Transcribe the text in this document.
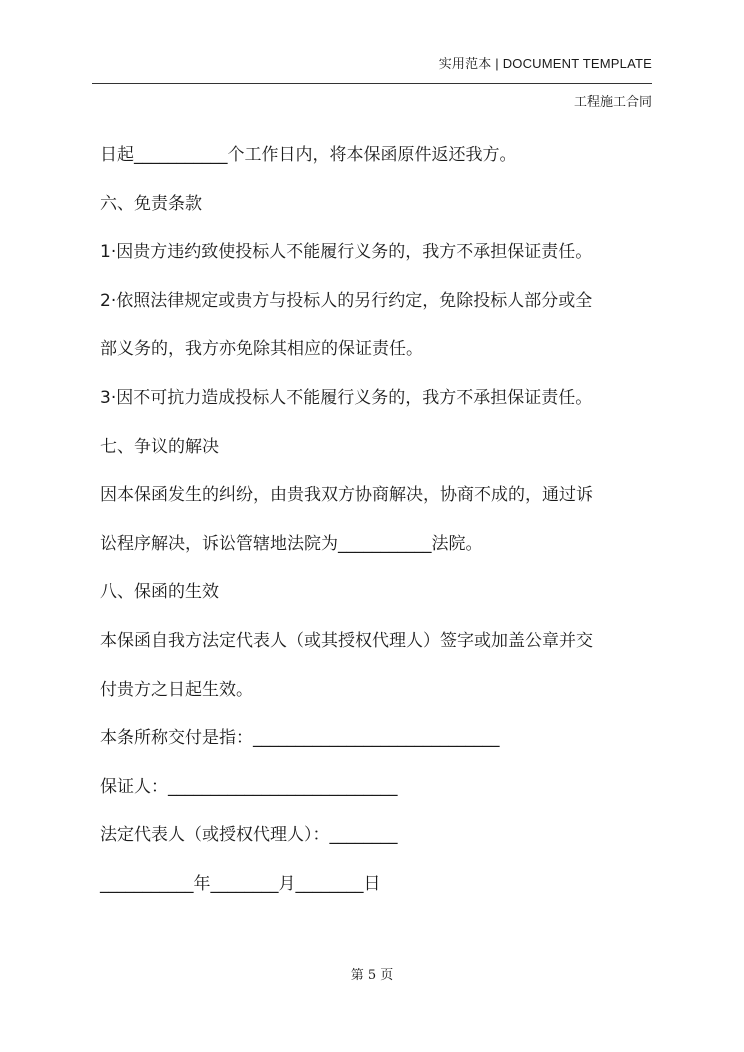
实用范本 | DOCUMENT TEMPLATE
工程施工合同
日起___________个工作日内，将本保函原件返还我方。
六、免责条款
1·因贵方违约致使投标人不能履行义务的，我方不承担保证责任。
2·依照法律规定或贵方与投标人的另行约定，免除投标人部分或全
部义务的，我方亦免除其相应的保证责任。
3·因不可抗力造成投标人不能履行义务的，我方不承担保证责任。
七、争议的解决
因本保函发生的纠纷，由贵我双方协商解决，协商不成的，通过诉
讼程序解决，诉讼管辖地法院为___________法院。
八、保函的生效
本保函自我方法定代表人（或其授权代理人）签字或加盖公章并交
付贵方之日起生效。
本条所称交付是指：_____________________________
保证人：___________________________
法定代表人（或授权代理人）：________
___________年________月________日
第 5 页
